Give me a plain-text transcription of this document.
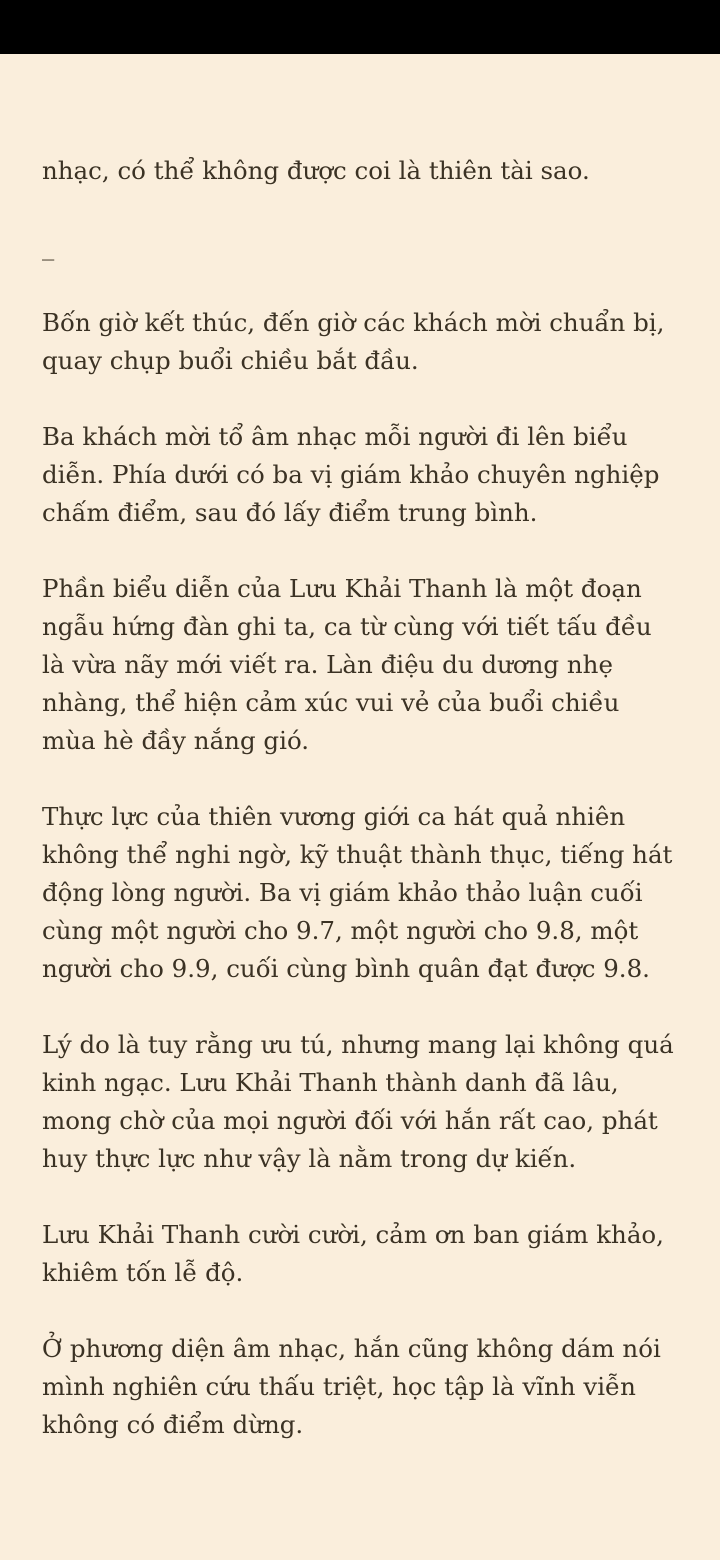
nhạc, có thể không được coi là thiên tài sao.

_

Bốn giờ kết thúc, đến giờ các khách mời chuẩn bị, quay chụp buổi chiều bắt đầu.

Ba khách mời tổ âm nhạc mỗi người đi lên biểu diễn. Phía dưới có ba vị giám khảo chuyên nghiệp chấm điểm, sau đó lấy điểm trung bình.

Phần biểu diễn của Lưu Khải Thanh là một đoạn ngẫu hứng đàn ghi ta, ca từ cùng với tiết tấu đều là vừa nãy mới viết ra. Làn điệu du dương nhẹ nhàng, thể hiện cảm xúc vui vẻ của buổi chiều mùa hè đầy nắng gió.

Thực lực của thiên vương giới ca hát quả nhiên không thể nghi ngờ, kỹ thuật thành thục, tiếng hát động lòng người. Ba vị giám khảo thảo luận cuối cùng một người cho 9.7, một người cho 9.8, một người cho 9.9, cuối cùng bình quân đạt được 9.8.

Lý do là tuy rằng ưu tú, nhưng mang lại không quá kinh ngạc. Lưu Khải Thanh thành danh đã lâu, mong chờ của mọi người đối với hắn rất cao, phát huy thực lực như vậy là nằm trong dự kiến.

Lưu Khải Thanh cười cười, cảm ơn ban giám khảo, khiêm tốn lễ độ.

Ở phương diện âm nhạc, hắn cũng không dám nói mình nghiên cứu thấu triệt, học tập là vĩnh viễn không có điểm dừng.
